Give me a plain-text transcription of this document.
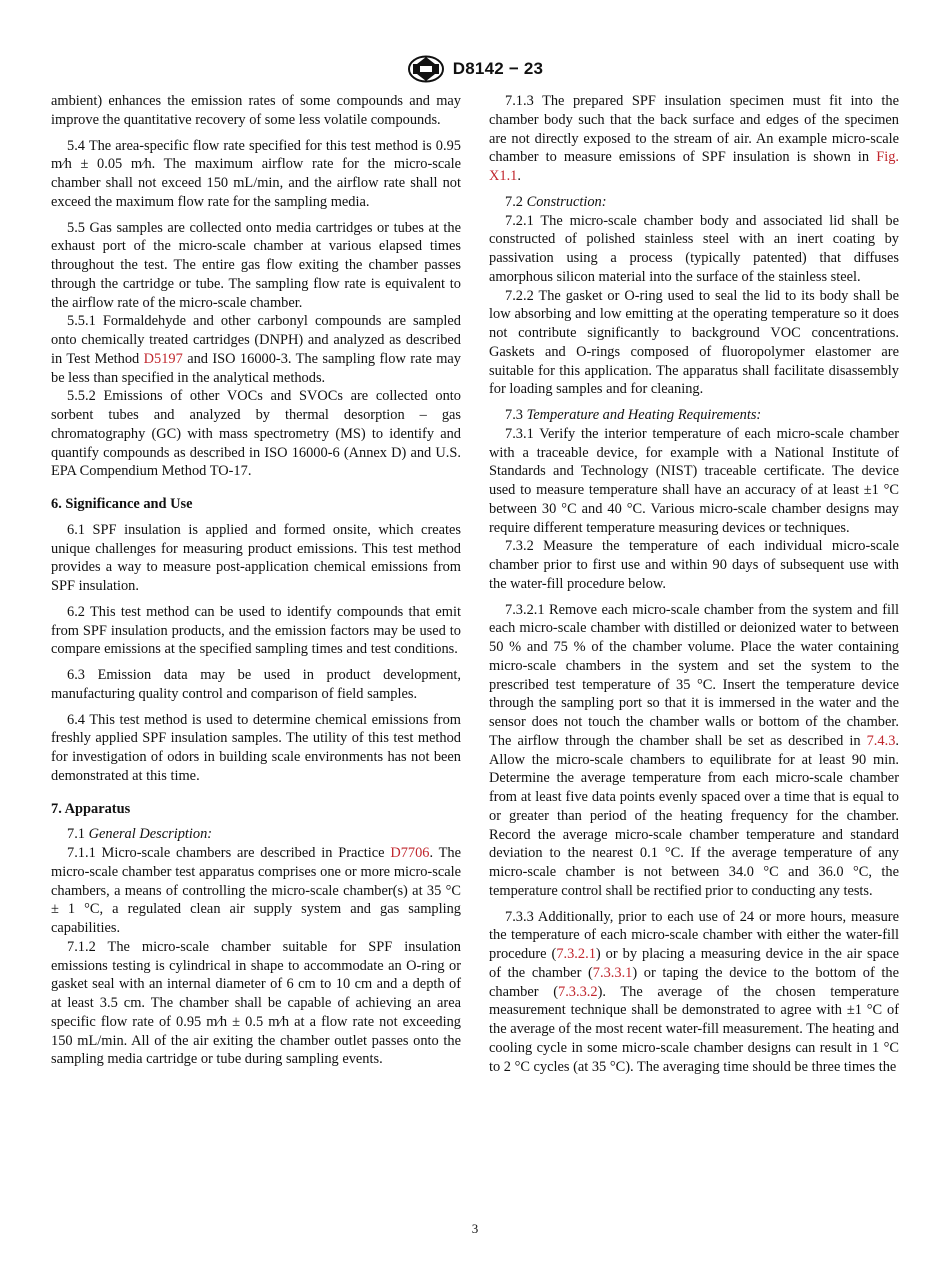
D8142 − 23

ambient) enhances the emission rates of some compounds and may improve the quantitative recovery of some less volatile compounds.

5.4 The area-specific flow rate specified for this test method is 0.95 m⁄h ± 0.05 m⁄h. The maximum airflow rate for the micro-scale chamber shall not exceed 150 mL/min, and the airflow rate shall not exceed the maximum flow rate for the sampling media.

5.5 Gas samples are collected onto media cartridges or tubes at the exhaust port of the micro-scale chamber at various elapsed times throughout the test. The entire gas flow exiting the chamber passes through the cartridge or tube. The sampling flow rate is equivalent to the airflow rate of the micro-scale chamber.

5.5.1 Formaldehyde and other carbonyl compounds are sampled onto chemically treated cartridges (DNPH) and analyzed as described in Test Method D5197 and ISO 16000-3. The sampling flow rate may be less than specified in the analytical methods.

5.5.2 Emissions of other VOCs and SVOCs are collected onto sorbent tubes and analyzed by thermal desorption – gas chromatography (GC) with mass spectrometry (MS) to identify and quantify compounds as described in ISO 16000-6 (Annex D) and U.S. EPA Compendium Method TO-17.

6. Significance and Use

6.1 SPF insulation is applied and formed onsite, which creates unique challenges for measuring product emissions. This test method provides a way to measure post-application chemical emissions from SPF insulation.

6.2 This test method can be used to identify compounds that emit from SPF insulation products, and the emission factors may be used to compare emissions at the specified sampling times and test conditions.

6.3 Emission data may be used in product development, manufacturing quality control and comparison of field samples.

6.4 This test method is used to determine chemical emissions from freshly applied SPF insulation samples. The utility of this test method for investigation of odors in building scale environments has not been demonstrated at this time.

7. Apparatus

7.1 General Description:

7.1.1 Micro-scale chambers are described in Practice D7706. The micro-scale chamber test apparatus comprises one or more micro-scale chambers, a means of controlling the micro-scale chamber(s) at 35 °C ± 1 °C, a regulated clean air supply system and gas sampling capabilities.

7.1.2 The micro-scale chamber suitable for SPF insulation emissions testing is cylindrical in shape to accommodate an O-ring or gasket seal with an internal diameter of 6 cm to 10 cm and a depth of at least 3.5 cm. The chamber shall be capable of achieving an area specific flow rate of 0.95 m⁄h ± 0.5 m⁄h at a flow rate not exceeding 150 mL/min. All of the air exiting the chamber outlet passes onto the sampling media cartridge or tube during sampling events.

7.1.3 The prepared SPF insulation specimen must fit into the chamber body such that the back surface and edges of the specimen are not directly exposed to the stream of air. An example micro-scale chamber to measure emissions of SPF insulation is shown in Fig. X1.1.

7.2 Construction:

7.2.1 The micro-scale chamber body and associated lid shall be constructed of polished stainless steel with an inert coating by passivation using a process (typically patented) that diffuses amorphous silicon material into the surface of the stainless steel.

7.2.2 The gasket or O-ring used to seal the lid to its body shall be low absorbing and low emitting at the operating temperature so it does not contribute significantly to background VOC concentrations. Gaskets and O-rings composed of fluoropolymer elastomer are suitable for this application. The apparatus shall facilitate disassembly for loading samples and for cleaning.

7.3 Temperature and Heating Requirements:

7.3.1 Verify the interior temperature of each micro-scale chamber with a traceable device, for example with a National Institute of Standards and Technology (NIST) traceable certificate. The device used to measure temperature shall have an accuracy of at least ±1 °C between 30 °C and 40 °C. Various micro-scale chamber designs may require different temperature measuring devices or techniques.

7.3.2 Measure the temperature of each individual micro-scale chamber prior to first use and within 90 days of subsequent use with the water-fill procedure below.

7.3.2.1 Remove each micro-scale chamber from the system and fill each micro-scale chamber with distilled or deionized water to between 50 % and 75 % of the chamber volume. Place the water containing micro-scale chambers in the system and set the system to the prescribed test temperature of 35 °C. Insert the temperature device through the sampling port so that it is immersed in the water and the sensor does not touch the chamber walls or bottom of the chamber. The airflow through the chamber shall be set as described in 7.4.3. Allow the micro-scale chambers to equilibrate for at least 90 min. Determine the average temperature from each micro-scale chamber from at least five data points evenly spaced over a time that is equal to or greater than period of the heating frequency for the chamber. Record the average micro-scale chamber temperature and standard deviation to the nearest 0.1 °C. If the average temperature of any micro-scale chamber is not between 34.0 °C and 36.0 °C, the temperature control shall be rectified prior to conducting any tests.

7.3.3 Additionally, prior to each use of 24 or more hours, measure the temperature of each micro-scale chamber with either the water-fill procedure (7.3.2.1) or by placing a measuring device in the air space of the chamber (7.3.3.1) or taping the device to the bottom of the chamber (7.3.3.2). The average of the chosen temperature measurement technique shall be demonstrated to agree with ±1 °C of the average of the most recent water-fill measurement. The heating and cooling cycle in some micro-scale chamber designs can result in 1 °C to 2 °C cycles (at 35 °C). The averaging time should be three times the

3
